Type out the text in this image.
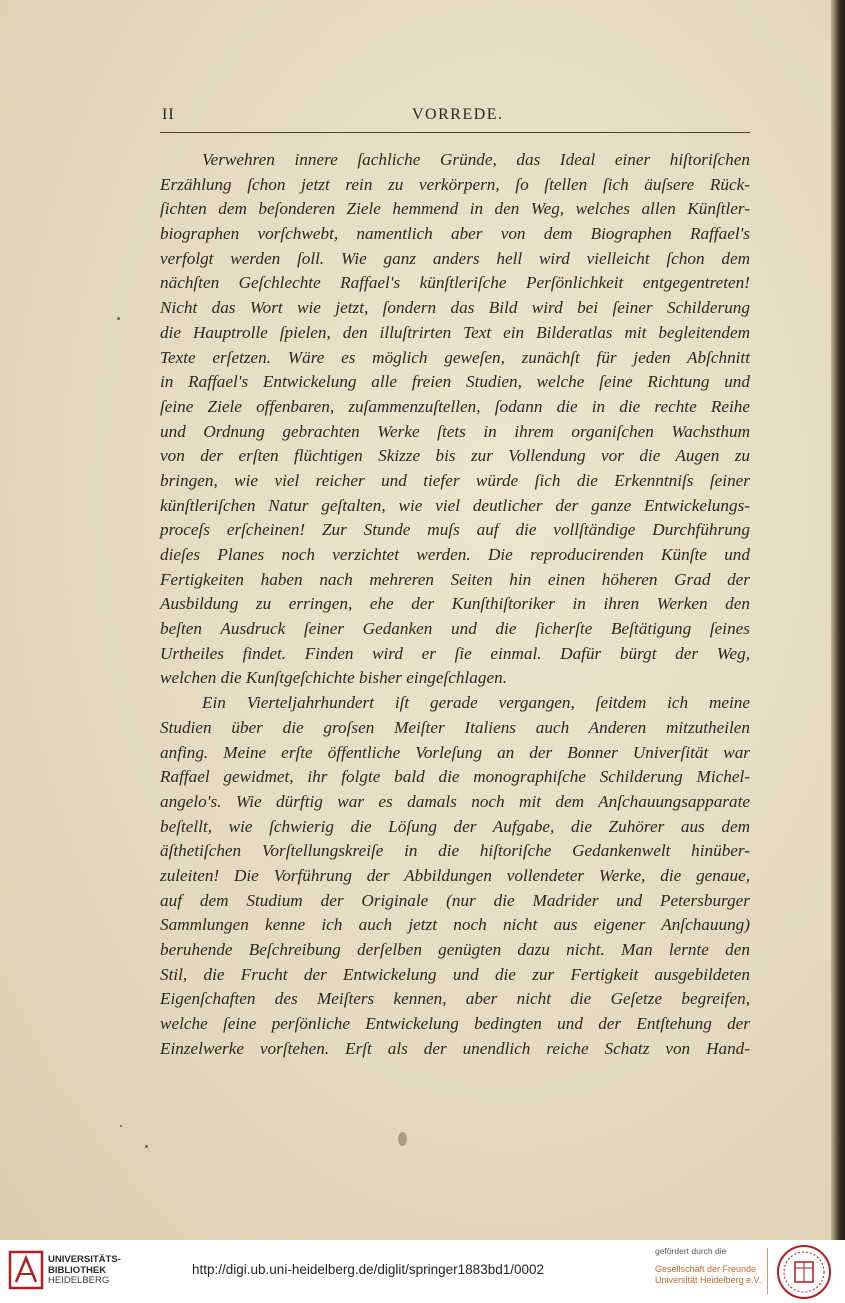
II	VORREDE.
Verwehren innere ſachliche Gründe, das Ideal einer hiſtoriſchen
Erzählung ſchon jetzt rein zu verkörpern, ſo ſtellen ſich äuſsere Rück-
ſichten dem beſonderen Ziele hemmend in den Weg, welches allen Künſtler-
biographen vorſchwebt, namentlich aber von dem Biographen Raffael's
verfolgt werden ſoll. Wie ganz anders hell wird vielleicht ſchon dem
nächſten Geſchlechte Raffael's künſtleriſche Perſönlichkeit entgegentreten!
Nicht das Wort wie jetzt, ſondern das Bild wird bei ſeiner Schilderung
die Hauptrolle ſpielen, den illuſtrirten Text ein Bilderatlas mit begleitendem
Texte erſetzen. Wäre es möglich geweſen, zunächſt für jeden Abſchnitt
in Raffael's Entwickelung alle freien Studien, welche ſeine Richtung und
ſeine Ziele offenbaren, zuſammenzuſtellen, ſodann die in die rechte Reihe
und Ordnung gebrachten Werke ſtets in ihrem organiſchen Wachsthum
von der erſten flüchtigen Skizze bis zur Vollendung vor die Augen zu
bringen, wie viel reicher und tiefer würde ſich die Erkenntniſs ſeiner
künſtleriſchen Natur geſtalten, wie viel deutlicher der ganze Entwickelungs-
proceſs erſcheinen! Zur Stunde muſs auf die vollſtändige Durchführung
dieſes Planes noch verzichtet werden. Die reproducirenden Künſte und
Fertigkeiten haben nach mehreren Seiten hin einen höheren Grad der
Ausbildung zu erringen, ehe der Kunſthiſtoriker in ihren Werken den
beſten Ausdruck ſeiner Gedanken und die ſicherſte Beſtätigung ſeines
Urtheiles findet. Finden wird er ſie einmal. Dafür bürgt der Weg,
welchen die Kunſtgeſchichte bisher eingeſchlagen.
Ein Vierteljahrhundert iſt gerade vergangen, ſeitdem ich meine
Studien über die groſsen Meiſter Italiens auch Anderen mitzutheilen
anfing. Meine erſte öffentliche Vorleſung an der Bonner Univerſität war
Raffael gewidmet, ihr folgte bald die monographiſche Schilderung Michel-
angelo's. Wie dürftig war es damals noch mit dem Anſchauungsapparate
beſtellt, wie ſchwierig die Löſung der Aufgabe, die Zuhörer aus dem
äſthetiſchen Vorſtellungskreiſe in die hiſtoriſche Gedankenwelt hinüber-
zuleiten! Die Vorführung der Abbildungen vollendeter Werke, die genaue,
auf dem Studium der Originale (nur die Madrider und Petersburger
Sammlungen kenne ich auch jetzt noch nicht aus eigener Anſchauung)
beruhende Beſchreibung derſelben genügten dazu nicht. Man lernte den
Stil, die Frucht der Entwickelung und die zur Fertigkeit ausgebildeten
Eigenſchaften des Meiſters kennen, aber nicht die Geſetze begreifen,
welche ſeine perſönliche Entwickelung bedingten und der Entſtehung der
Einzelwerke vorſtehen. Erſt als der unendlich reiche Schatz von Hand-
UNIVERSITÄTS-
BIBLIOTHEK
HEIDELBERG
http://digi.ub.uni-heidelberg.de/diglit/springer1883bd1/0002
gefördert durch die
Gesellschaft der Freunde
Universität Heidelberg e.V.
